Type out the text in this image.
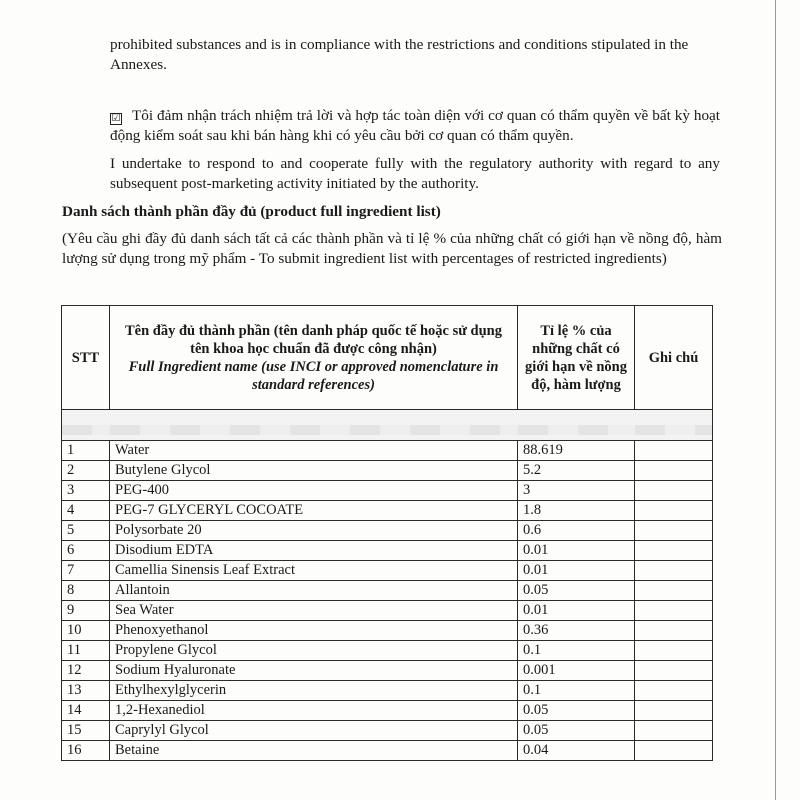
prohibited substances and is in compliance with the restrictions and conditions stipulated in the Annexes.

☑ Tôi đảm nhận trách nhiệm trả lời và hợp tác toàn diện với cơ quan có thẩm quyền về bất kỳ hoạt động kiểm soát sau khi bán hàng khi có yêu cầu bởi cơ quan có thẩm quyền.

I undertake to respond to and cooperate fully with the regulatory authority with regard to any subsequent post-marketing activity initiated by the authority.

Danh sách thành phần đầy đủ (product full ingredient list)

(Yêu cầu ghi đầy đủ danh sách tất cả các thành phần và tỉ lệ % của những chất có giới hạn về nồng độ, hàm lượng sử dụng trong mỹ phẩm - To submit ingredient list with percentages of restricted ingredients)

STT	Tên đầy đủ thành phần (tên danh pháp quốc tế hoặc sử dụng tên khoa học chuẩn đã được công nhận)
Full Ingredient name (use INCI or approved nomenclature in standard references)	Tỉ lệ % của những chất có giới hạn về nồng độ, hàm lượng	Ghi chú

1	Water	88.619	
2	Butylene Glycol	5.2	
3	PEG-400	3	
4	PEG-7 GLYCERYL COCOATE	1.8	
5	Polysorbate 20	0.6	
6	Disodium EDTA	0.01	
7	Camellia Sinensis Leaf Extract	0.01	
8	Allantoin	0.05	
9	Sea Water	0.01	
10	Phenoxyethanol	0.36	
11	Propylene Glycol	0.1	
12	Sodium Hyaluronate	0.001	
13	Ethylhexylglycerin	0.1	
14	1,2-Hexanediol	0.05	
15	Caprylyl Glycol	0.05	
16	Betaine	0.04	
